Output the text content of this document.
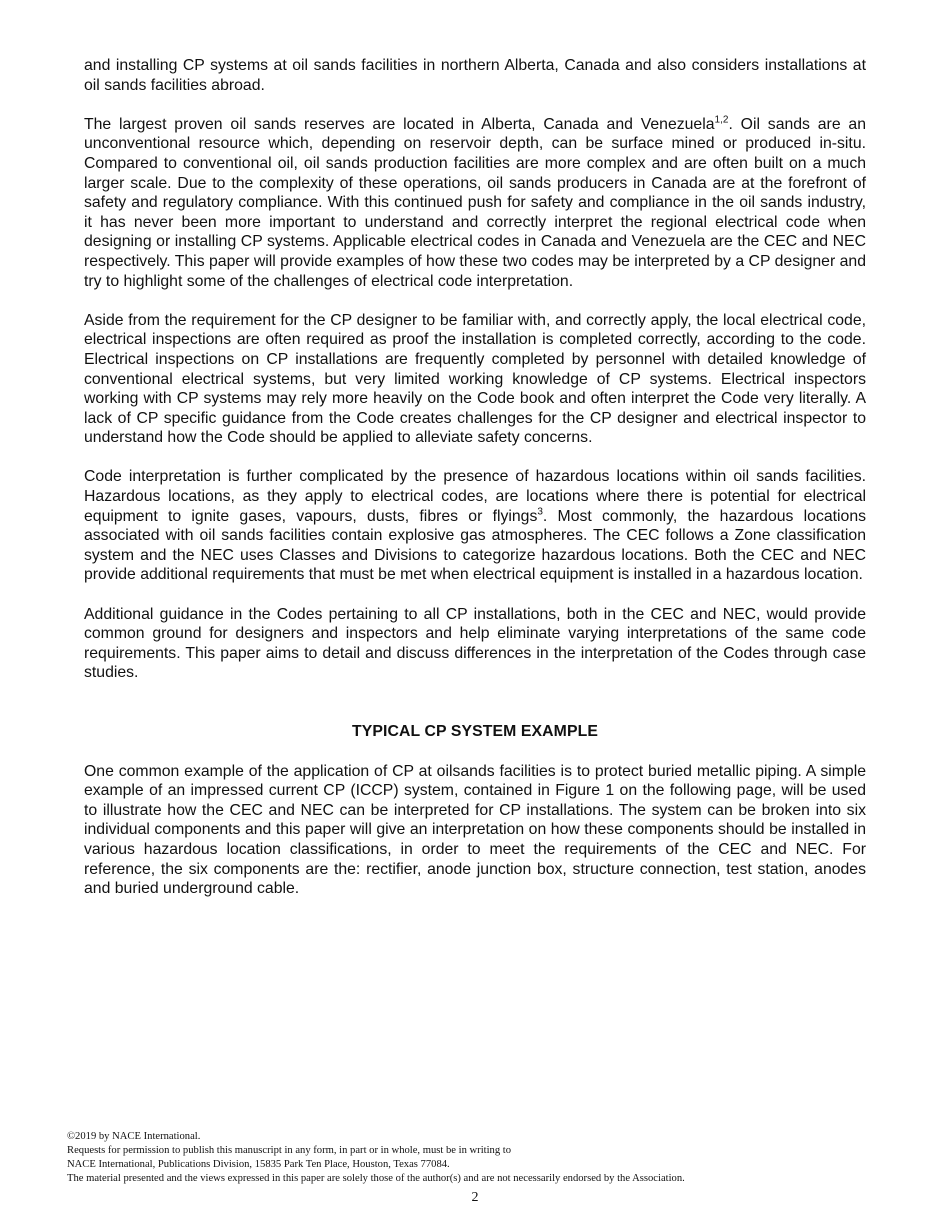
and installing CP systems at oil sands facilities in northern Alberta, Canada and also considers installations at oil sands facilities abroad.

The largest proven oil sands reserves are located in Alberta, Canada and Venezuela$^{1,2}$. Oil sands are an unconventional resource which, depending on reservoir depth, can be surface mined or produced in-situ. Compared to conventional oil, oil sands production facilities are more complex and are often built on a much larger scale. Due to the complexity of these operations, oil sands producers in Canada are at the forefront of safety and regulatory compliance. With this continued push for safety and compliance in the oil sands industry, it has never been more important to understand and correctly interpret the regional electrical code when designing or installing CP systems. Applicable electrical codes in Canada and Venezuela are the CEC and NEC respectively. This paper will provide examples of how these two codes may be interpreted by a CP designer and try to highlight some of the challenges of electrical code interpretation.

Aside from the requirement for the CP designer to be familiar with, and correctly apply, the local electrical code, electrical inspections are often required as proof the installation is completed correctly, according to the code. Electrical inspections on CP installations are frequently completed by personnel with detailed knowledge of conventional electrical systems, but very limited working knowledge of CP systems. Electrical inspectors working with CP systems may rely more heavily on the Code book and often interpret the Code very literally. A lack of CP specific guidance from the Code creates challenges for the CP designer and electrical inspector to understand how the Code should be applied to alleviate safety concerns.

Code interpretation is further complicated by the presence of hazardous locations within oil sands facilities. Hazardous locations, as they apply to electrical codes, are locations where there is potential for electrical equipment to ignite gases, vapours, dusts, fibres or flyings$^3$. Most commonly, the hazardous locations associated with oil sands facilities contain explosive gas atmospheres. The CEC follows a Zone classification system and the NEC uses Classes and Divisions to categorize hazardous locations. Both the CEC and NEC provide additional requirements that must be met when electrical equipment is installed in a hazardous location.

Additional guidance in the Codes pertaining to all CP installations, both in the CEC and NEC, would provide common ground for designers and inspectors and help eliminate varying interpretations of the same code requirements. This paper aims to detail and discuss differences in the interpretation of the Codes through case studies.

TYPICAL CP SYSTEM EXAMPLE

One common example of the application of CP at oilsands facilities is to protect buried metallic piping. A simple example of an impressed current CP (ICCP) system, contained in Figure 1 on the following page, will be used to illustrate how the CEC and NEC can be interpreted for CP installations. The system can be broken into six individual components and this paper will give an interpretation on how these components should be installed in various hazardous location classifications, in order to meet the requirements of the CEC and NEC. For reference, the six components are the: rectifier, anode junction box, structure connection, test station, anodes and buried underground cable.

©2019 by NACE International.
Requests for permission to publish this manuscript in any form, in part or in whole, must be in writing to
NACE International, Publications Division, 15835 Park Ten Place, Houston, Texas 77084.
The material presented and the views expressed in this paper are solely those of the author(s) and are not necessarily endorsed by the Association.
2
